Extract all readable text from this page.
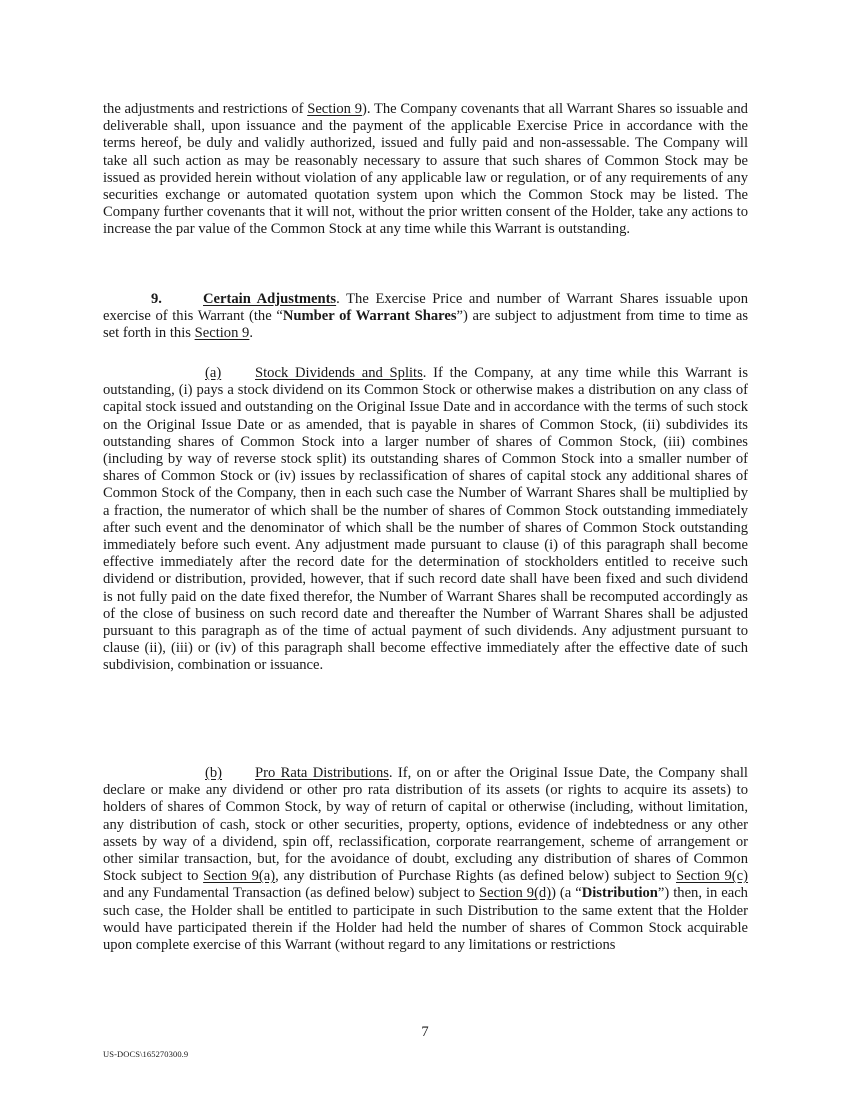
the adjustments and restrictions of Section 9). The Company covenants that all Warrant Shares so issuable and deliverable shall, upon issuance and the payment of the applicable Exercise Price in accordance with the terms hereof, be duly and validly authorized, issued and fully paid and non-assessable. The Company will take all such action as may be reasonably necessary to assure that such shares of Common Stock may be issued as provided herein without violation of any applicable law or regulation, or of any requirements of any securities exchange or automated quotation system upon which the Common Stock may be listed. The Company further covenants that it will not, without the prior written consent of the Holder, take any actions to increase the par value of the Common Stock at any time while this Warrant is outstanding.

9.	Certain Adjustments. The Exercise Price and number of Warrant Shares issuable upon exercise of this Warrant (the “Number of Warrant Shares”) are subject to adjustment from time to time as set forth in this Section 9.

(a) Stock Dividends and Splits. If the Company, at any time while this Warrant is outstanding, (i) pays a stock dividend on its Common Stock or otherwise makes a distribution on any class of capital stock issued and outstanding on the Original Issue Date and in accordance with the terms of such stock on the Original Issue Date or as amended, that is payable in shares of Common Stock, (ii) subdivides its outstanding shares of Common Stock into a larger number of shares of Common Stock, (iii) combines (including by way of reverse stock split) its outstanding shares of Common Stock into a smaller number of shares of Common Stock or (iv) issues by reclassification of shares of capital stock any additional shares of Common Stock of the Company, then in each such case the Number of Warrant Shares shall be multiplied by a fraction, the numerator of which shall be the number of shares of Common Stock outstanding immediately after such event and the denominator of which shall be the number of shares of Common Stock outstanding immediately before such event. Any adjustment made pursuant to clause (i) of this paragraph shall become effective immediately after the record date for the determination of stockholders entitled to receive such dividend or distribution, provided, however, that if such record date shall have been fixed and such dividend is not fully paid on the date fixed therefor, the Number of Warrant Shares shall be recomputed accordingly as of the close of business on such record date and thereafter the Number of Warrant Shares shall be adjusted pursuant to this paragraph as of the time of actual payment of such dividends. Any adjustment pursuant to clause (ii), (iii) or (iv) of this paragraph shall become effective immediately after the effective date of such subdivision, combination or issuance.

(b) Pro Rata Distributions. If, on or after the Original Issue Date, the Company shall declare or make any dividend or other pro rata distribution of its assets (or rights to acquire its assets) to holders of shares of Common Stock, by way of return of capital or otherwise (including, without limitation, any distribution of cash, stock or other securities, property, options, evidence of indebtedness or any other assets by way of a dividend, spin off, reclassification, corporate rearrangement, scheme of arrangement or other similar transaction, but, for the avoidance of doubt, excluding any distribution of shares of Common Stock subject to Section 9(a), any distribution of Purchase Rights (as defined below) subject to Section 9(c) and any Fundamental Transaction (as defined below) subject to Section 9(d)) (a “Distribution”) then, in each such case, the Holder shall be entitled to participate in such Distribution to the same extent that the Holder would have participated therein if the Holder had held the number of shares of Common Stock acquirable upon complete exercise of this Warrant (without regard to any limitations or restrictions

7
US-DOCS\165270300.9
